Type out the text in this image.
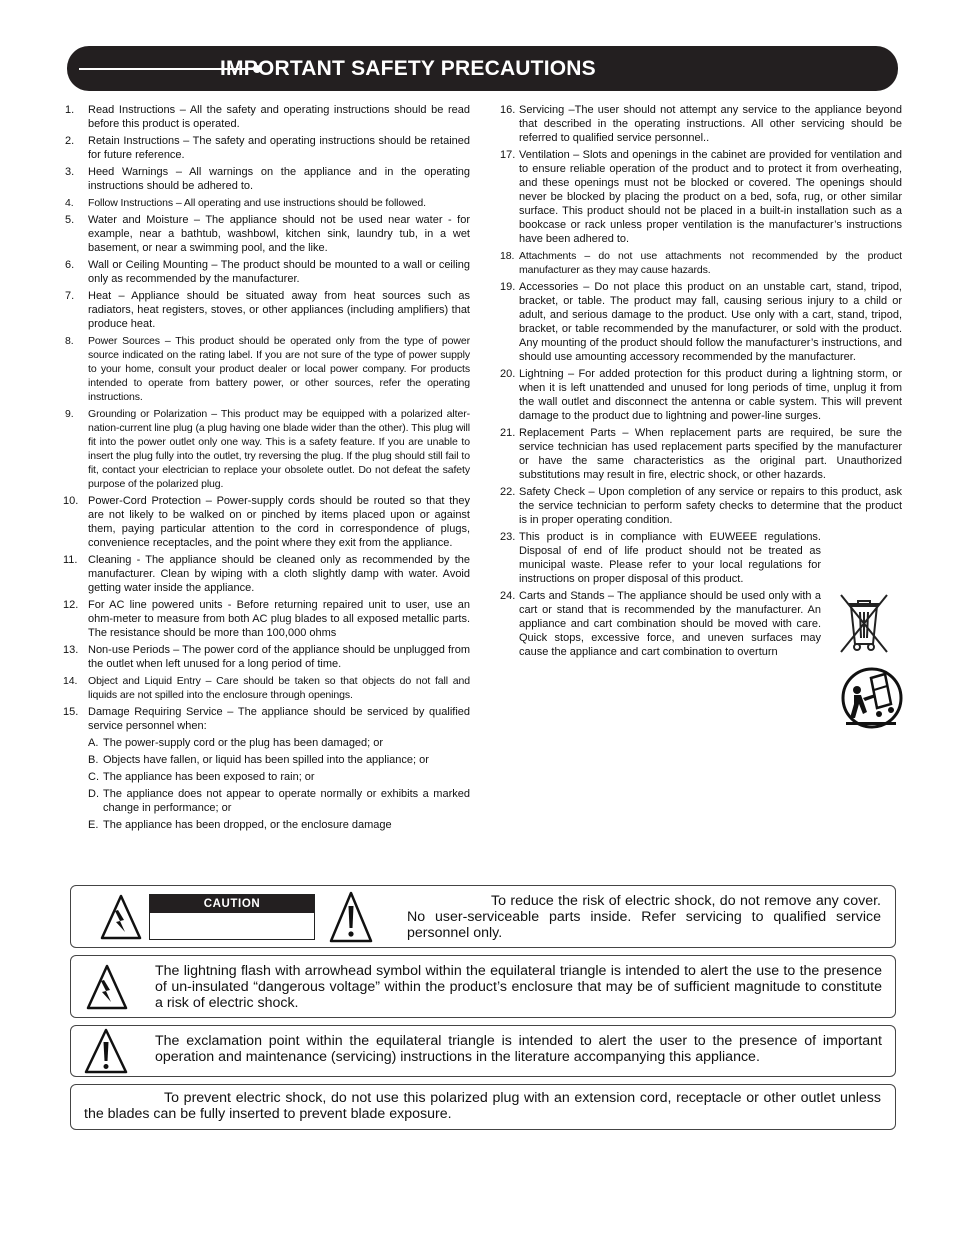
IMPORTANT SAFETY PRECAUTIONS
1. Read Instructions – All the safety and operating instructions should be read before this product is operated.
2. Retain Instructions – The safety and operating instructions should be retained for future reference.
3. Heed Warnings – All warnings on the appliance and in the operating instructions should be adhered to.
4. Follow Instructions – All operating and use instructions should be followed.
5. Water and Moisture – The appliance should not be used near water - for example, near a bathtub, washbowl, kitchen sink, laundry tub, in a wet basement, or near a swimming pool, and the like.
6. Wall or Ceiling Mounting – The product should be mounted to a wall or ceiling only as recommended by the manufacturer.
7. Heat – Appliance should be situated away from heat sources such as radiators, heat registers, stoves, or other appliances (including amplifiers) that produce heat.
8. Power Sources – This product should be operated only from the type of power source indicated on the rating label. If you are not sure of the type of power supply to your home, consult your product dealer or local power company. For products intended to operate from battery power, or other sources, refer the operating instructions.
9. Grounding or Polarization – This product may be equipped with a polarized alter-nation-current line plug (a plug having one blade wider than the other). This plug will fit into the power outlet only one way. This is a safety feature. If you are unable to insert the plug fully into the outlet, try reversing the plug. If the plug should still fail to fit, contact your electrician to replace your obsolete outlet. Do not defeat the safety purpose of the polarized plug.
10. Power-Cord Protection – Power-supply cords should be routed so that they are not likely to be walked on or pinched by items placed upon or against them, paying particular attention to the cord in correspondence of plugs, convenience receptacles, and the point where they exit from the appliance.
11. Cleaning - The appliance should be cleaned only as recommended by the manufacturer. Clean by wiping with a cloth slightly damp with water. Avoid getting water inside the appliance.
12. For AC line powered units - Before returning repaired unit to user, use an ohm-meter to measure from both AC plug blades to all exposed metallic parts. The resistance should be more than 100,000 ohms
13. Non-use Periods – The power cord of the appliance should be unplugged from the outlet when left unused for a long period of time.
14. Object and Liquid Entry – Care should be taken so that objects do not fall and liquids are not spilled into the enclosure through openings.
15. Damage Requiring Service – The appliance should be serviced by qualified service personnel when:
A. The power-supply cord or the plug has been damaged; or
B. Objects have fallen, or liquid has been spilled into the appliance; or
C. The appliance has been exposed to rain; or
D. The appliance does not appear to operate normally or exhibits a marked change in performance; or
E. The appliance has been dropped, or the enclosure damage
16. Servicing –The user should not attempt any service to the appliance beyond that described in the operating instructions. All other servicing should be referred to qualified service personnel..
17. Ventilation – Slots and openings in the cabinet are provided for ventilation and to ensure reliable operation of the product and to protect it from overheating, and these openings must not be blocked or covered. The openings should never be blocked by placing the product on a bed, sofa, rug, or other similar surface. This product should not be placed in a built-in installation such as a bookcase or rack unless proper ventilation is the manufacturer’s instructions have been adhered to.
18. Attachments – do not use attachments not recommended by the product manufacturer as they may cause hazards.
19. Accessories – Do not place this product on an unstable cart, stand, tripod, bracket, or table. The product may fall, causing serious injury to a child or adult, and serious damage to the product. Use only with a cart, stand, tripod, bracket, or table recommended by the manufacturer, or sold with the product. Any mounting of the product should follow the manufacturer’s instructions, and should use amounting accessory recommended by the manufacturer.
20. Lightning – For added protection for this product during a lightning storm, or when it is left unattended and unused for long periods of time, unplug it from the wall outlet and disconnect the antenna or cable system. This will prevent damage to the product due to lightning and power-line surges.
21. Replacement Parts – When replacement parts are required, be sure the service technician has used replacement parts specified by the manufacturer or have the same characteristics as the original part. Unauthorized substitutions may result in fire, electric shock, or other hazards.
22. Safety Check – Upon completion of any service or repairs to this product, ask the service technician to perform safety checks to determine that the product is in proper operating condition.
23. This product is in compliance with EUWEEE regulations. Disposal of end of life product should not be treated as municipal waste. Please refer to your local regulations for instructions on proper disposal of this product.
24. Carts and Stands – The appliance should be used only with a cart or stand that is recommended by the manufacturer. An appliance and cart combination should be moved with care. Quick stops, excessive force, and uneven surfaces may cause the appliance and cart combination to overturn
To reduce the risk of electric shock, do not remove any cover. No user-serviceable parts inside. Refer servicing to qualified service personnel only.
CAUTION
The lightning flash with arrowhead symbol within the equilateral triangle is intended to alert the use to the presence of un-insulated “dangerous voltage” within the product’s enclosure that may be of sufficient magnitude to constitute a risk of electric shock.
The exclamation point within the equilateral triangle is intended to alert the user to the presence of important operation and maintenance (servicing) instructions in the literature accompanying this appliance.
To prevent electric shock, do not use this polarized plug with an extension cord, receptacle or other outlet unless the blades can be fully inserted to prevent blade exposure.
